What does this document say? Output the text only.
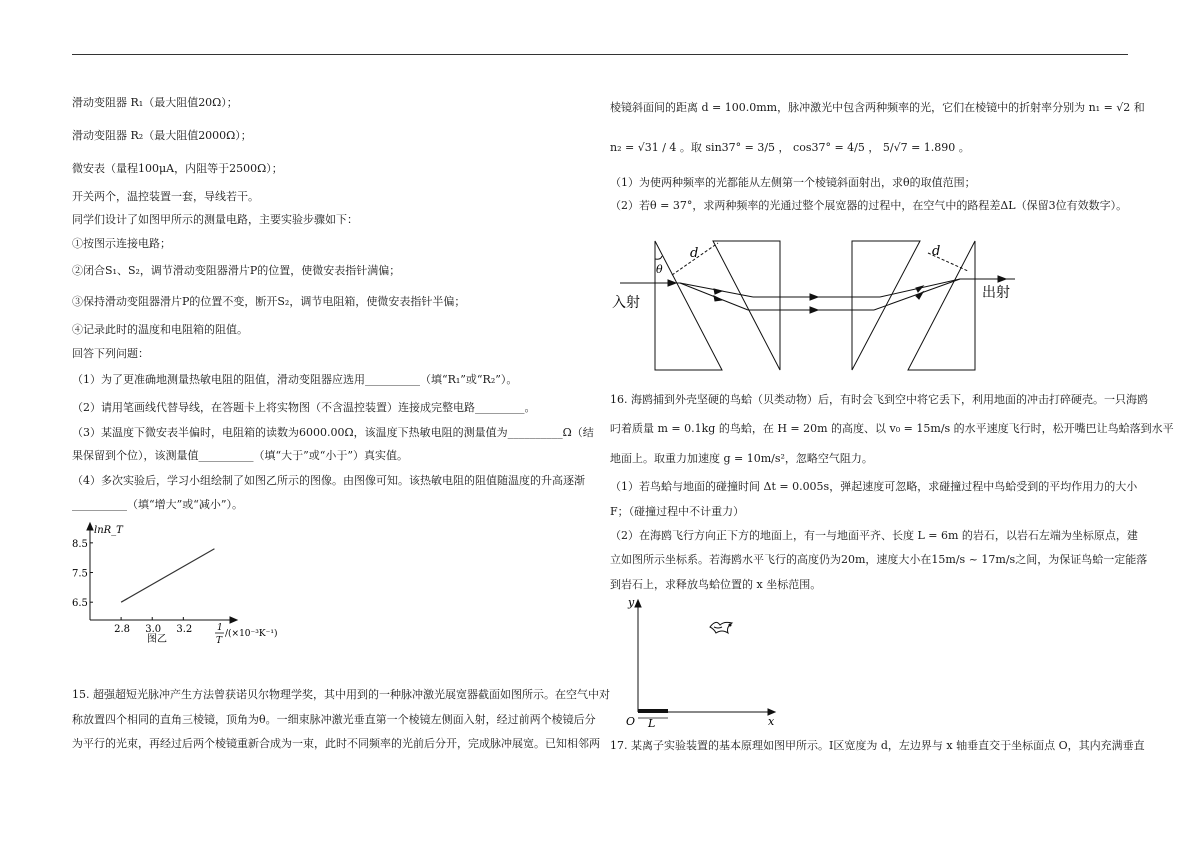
滑动变阻器 R₁（最大阻值20Ω）；
滑动变阻器 R₂（最大阻值2000Ω）；
微安表（量程100μA，内阻等于2500Ω）；
开关两个，温控装置一套，导线若干。
同学们设计了如图甲所示的测量电路，主要实验步骤如下：
①按图示连接电路；
②闭合S₁、S₂，调节滑动变阻器滑片P的位置，使微安表指针满偏；
③保持滑动变阻器滑片P的位置不变，断开S₂，调节电阻箱，使微安表指针半偏；
④记录此时的温度和电阻箱的阻值。
回答下列问题：
（1）为了更准确地测量热敏电阻的阻值，滑动变阻器应选用__________（填“R₁”或“R₂”）。
（2）请用笔画线代替导线，在答题卡上将实物图（不含温控装置）连接成完整电路_________。
（3）某温度下微安表半偏时，电阻箱的读数为6000.00Ω，该温度下热敏电阻的测量值为__________Ω（结
果保留到个位），该测量值__________（填“大于”或“小于”）真实值。
（4）多次实验后，学习小组绘制了如图乙所示的图像。由图像可知。该热敏电阻的阻值随温度的升高逐渐
__________（填“增大”或“减小”）。
2.8 3.0 3.2
6.5
7.5
8.5
lnR_T
1
T
/(×10⁻³K⁻¹)
图乙
15. 超强超短光脉冲产生方法曾获诺贝尔物理学奖，其中用到的一种脉冲激光展宽器截面如图所示。在空气中对
称放置四个相同的直角三棱镜，顶角为θ。一细束脉冲激光垂直第一个棱镜左侧面入射，经过前两个棱镜后分
为平行的光束，再经过后两个棱镜重新合成为一束，此时不同频率的光前后分开，完成脉冲展宽。已知相邻两
棱镜斜面间的距离 d = 100.0mm，脉冲激光中包含两种频率的光，它们在棱镜中的折射率分别为 n₁ = √2 和
n₂ = √31 / 4 。取 sin37° = 3/5 ， cos37° = 4/5 ， 5/√7 = 1.890 。
（1）为使两种频率的光都能从左侧第一个棱镜斜面射出，求θ的取值范围；
（2）若θ = 37°，求两种频率的光通过整个展宽器的过程中，在空气中的路程差ΔL（保留3位有效数字）。
入射
出射
d	d
θ
16. 海鸥捕到外壳坚硬的鸟蛤（贝类动物）后，有时会飞到空中将它丢下，利用地面的冲击打碎硬壳。一只海鸥
叼着质量 m = 0.1kg 的鸟蛤，在 H = 20m 的高度、以 v₀ = 15m/s 的水平速度飞行时，松开嘴巴让鸟蛤落到水平
地面上。取重力加速度 g = 10m/s²，忽略空气阻力。
（1）若鸟蛤与地面的碰撞时间 Δt = 0.005s，弹起速度可忽略，求碰撞过程中鸟蛤受到的平均作用力的大小
F；（碰撞过程中不计重力）
（2）在海鸥飞行方向正下方的地面上，有一与地面平齐、长度 L = 6m 的岩石，以岩石左端为坐标原点，建
立如图所示坐标系。若海鸥水平飞行的高度仍为20m，速度大小在15m/s ~ 17m/s之间，为保证鸟蛤一定能落
到岩石上，求释放鸟蛤位置的 x 坐标范围。
y
x
O L
17. 某离子实验装置的基本原理如图甲所示。Ⅰ区宽度为 d，左边界与 x 轴垂直交于坐标面点 O，其内充满垂直
